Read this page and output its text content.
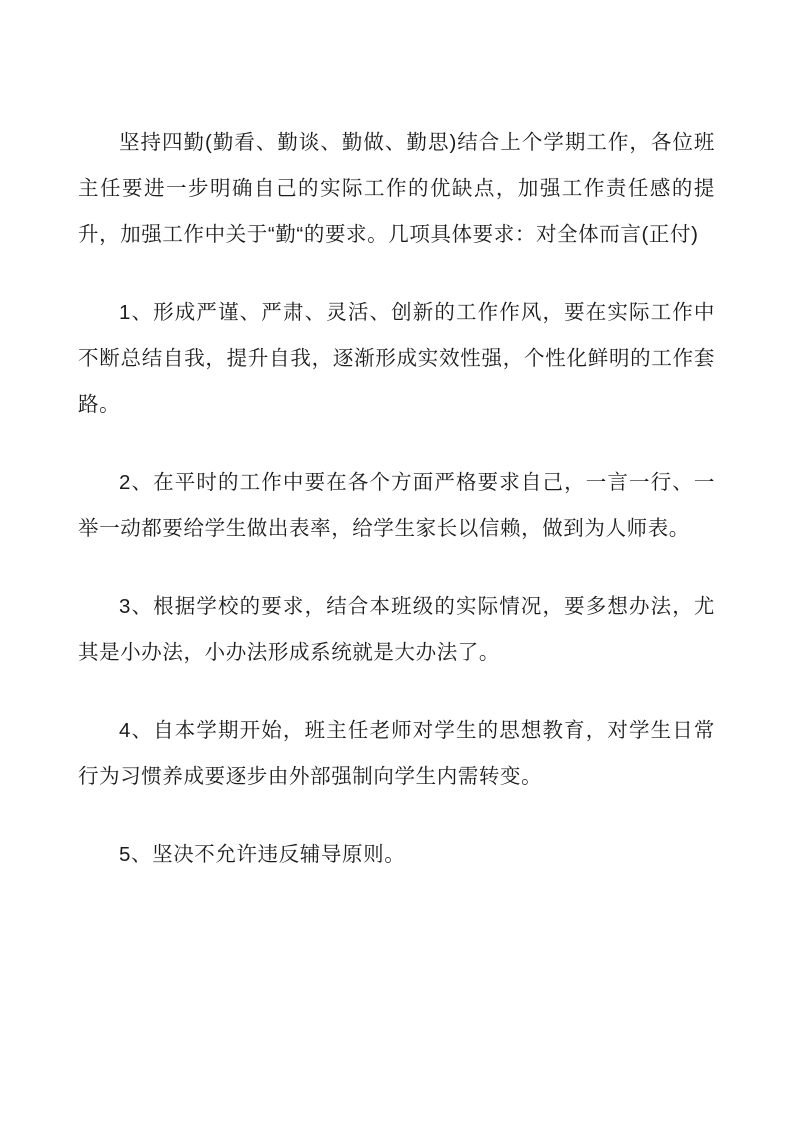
坚持四勤(勤看、勤谈、勤做、勤思)结合上个学期工作，各位班主任要进一步明确自己的实际工作的优缺点，加强工作责任感的提升，加强工作中关于“勤“的要求。几项具体要求：对全体而言(正付)

1、形成严谨、严肃、灵活、创新的工作作风，要在实际工作中不断总结自我，提升自我，逐渐形成实效性强，个性化鲜明的工作套路。

2、在平时的工作中要在各个方面严格要求自己，一言一行、一举一动都要给学生做出表率，给学生家长以信赖，做到为人师表。

3、根据学校的要求，结合本班级的实际情况，要多想办法，尤其是小办法，小办法形成系统就是大办法了。

4、自本学期开始，班主任老师对学生的思想教育，对学生日常行为习惯养成要逐步由外部强制向学生内需转变。

5、坚决不允许违反辅导原则。
